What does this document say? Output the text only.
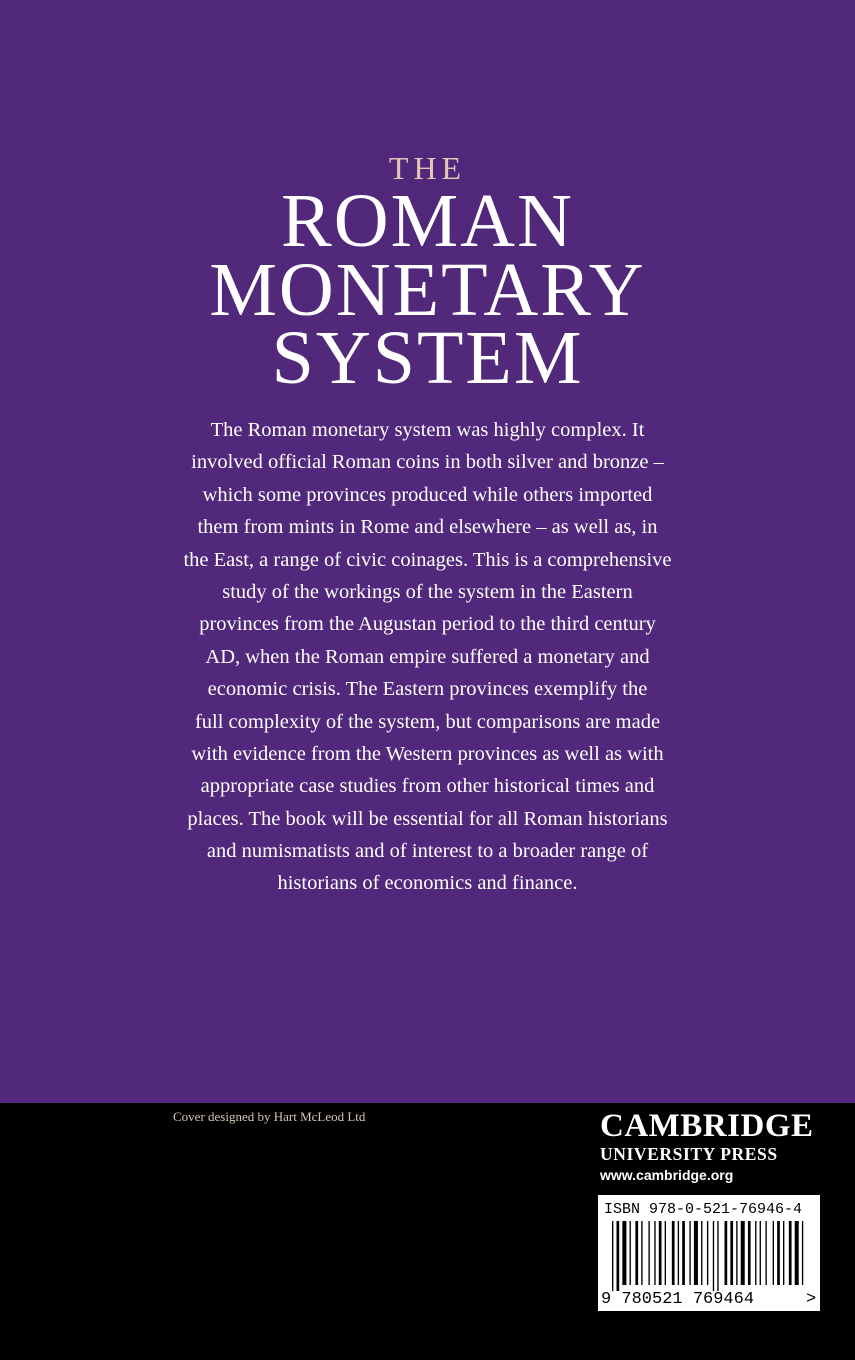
THE
ROMAN
MONETARY
SYSTEM
The Roman monetary system was highly complex. It
involved official Roman coins in both silver and bronze –
which some provinces produced while others imported
them from mints in Rome and elsewhere – as well as, in
the East, a range of civic coinages. This is a comprehensive
study of the workings of the system in the Eastern
provinces from the Augustan period to the third century
AD, when the Roman empire suffered a monetary and
economic crisis. The Eastern provinces exemplify the
full complexity of the system, but comparisons are made
with evidence from the Western provinces as well as with
appropriate case studies from other historical times and
places. The book will be essential for all Roman historians
and numismatists and of interest to a broader range of
historians of economics and finance.
Cover designed by Hart McLeod Ltd	CAMBRIDGE
UNIVERSITY PRESS
www.cambridge.org
ISBN 978-0-521-76946-4
9 780521 769464	>
